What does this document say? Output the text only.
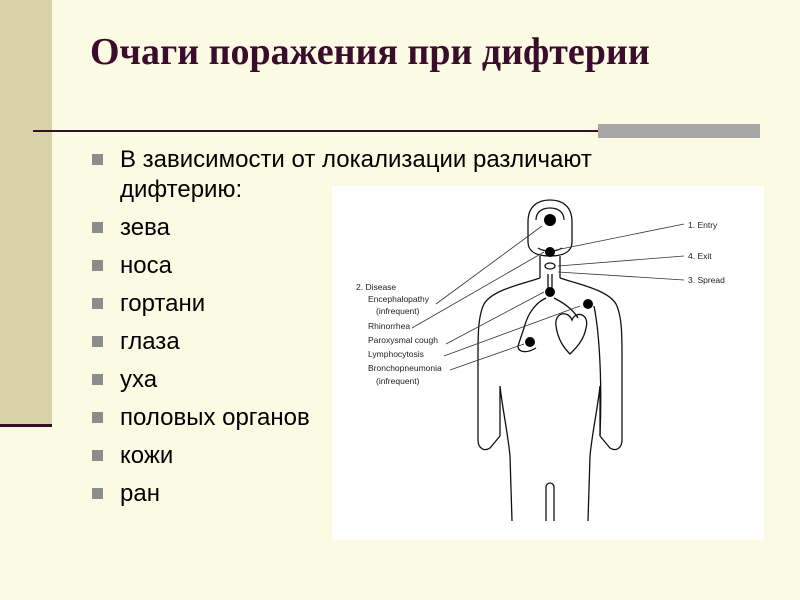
Очаги поражения при дифтерии
В зависимости от локализации различают дифтерию:
зева
носа
гортани
глаза
уха
половых органов
кожи
ран
1. Entry
4. Exit
3. Spread
2. Disease
Encephalopathy
(infrequent)
Rhinorrhea
Paroxysmal cough
Lymphocytosis
Bronchopneumonia
(infrequent)
